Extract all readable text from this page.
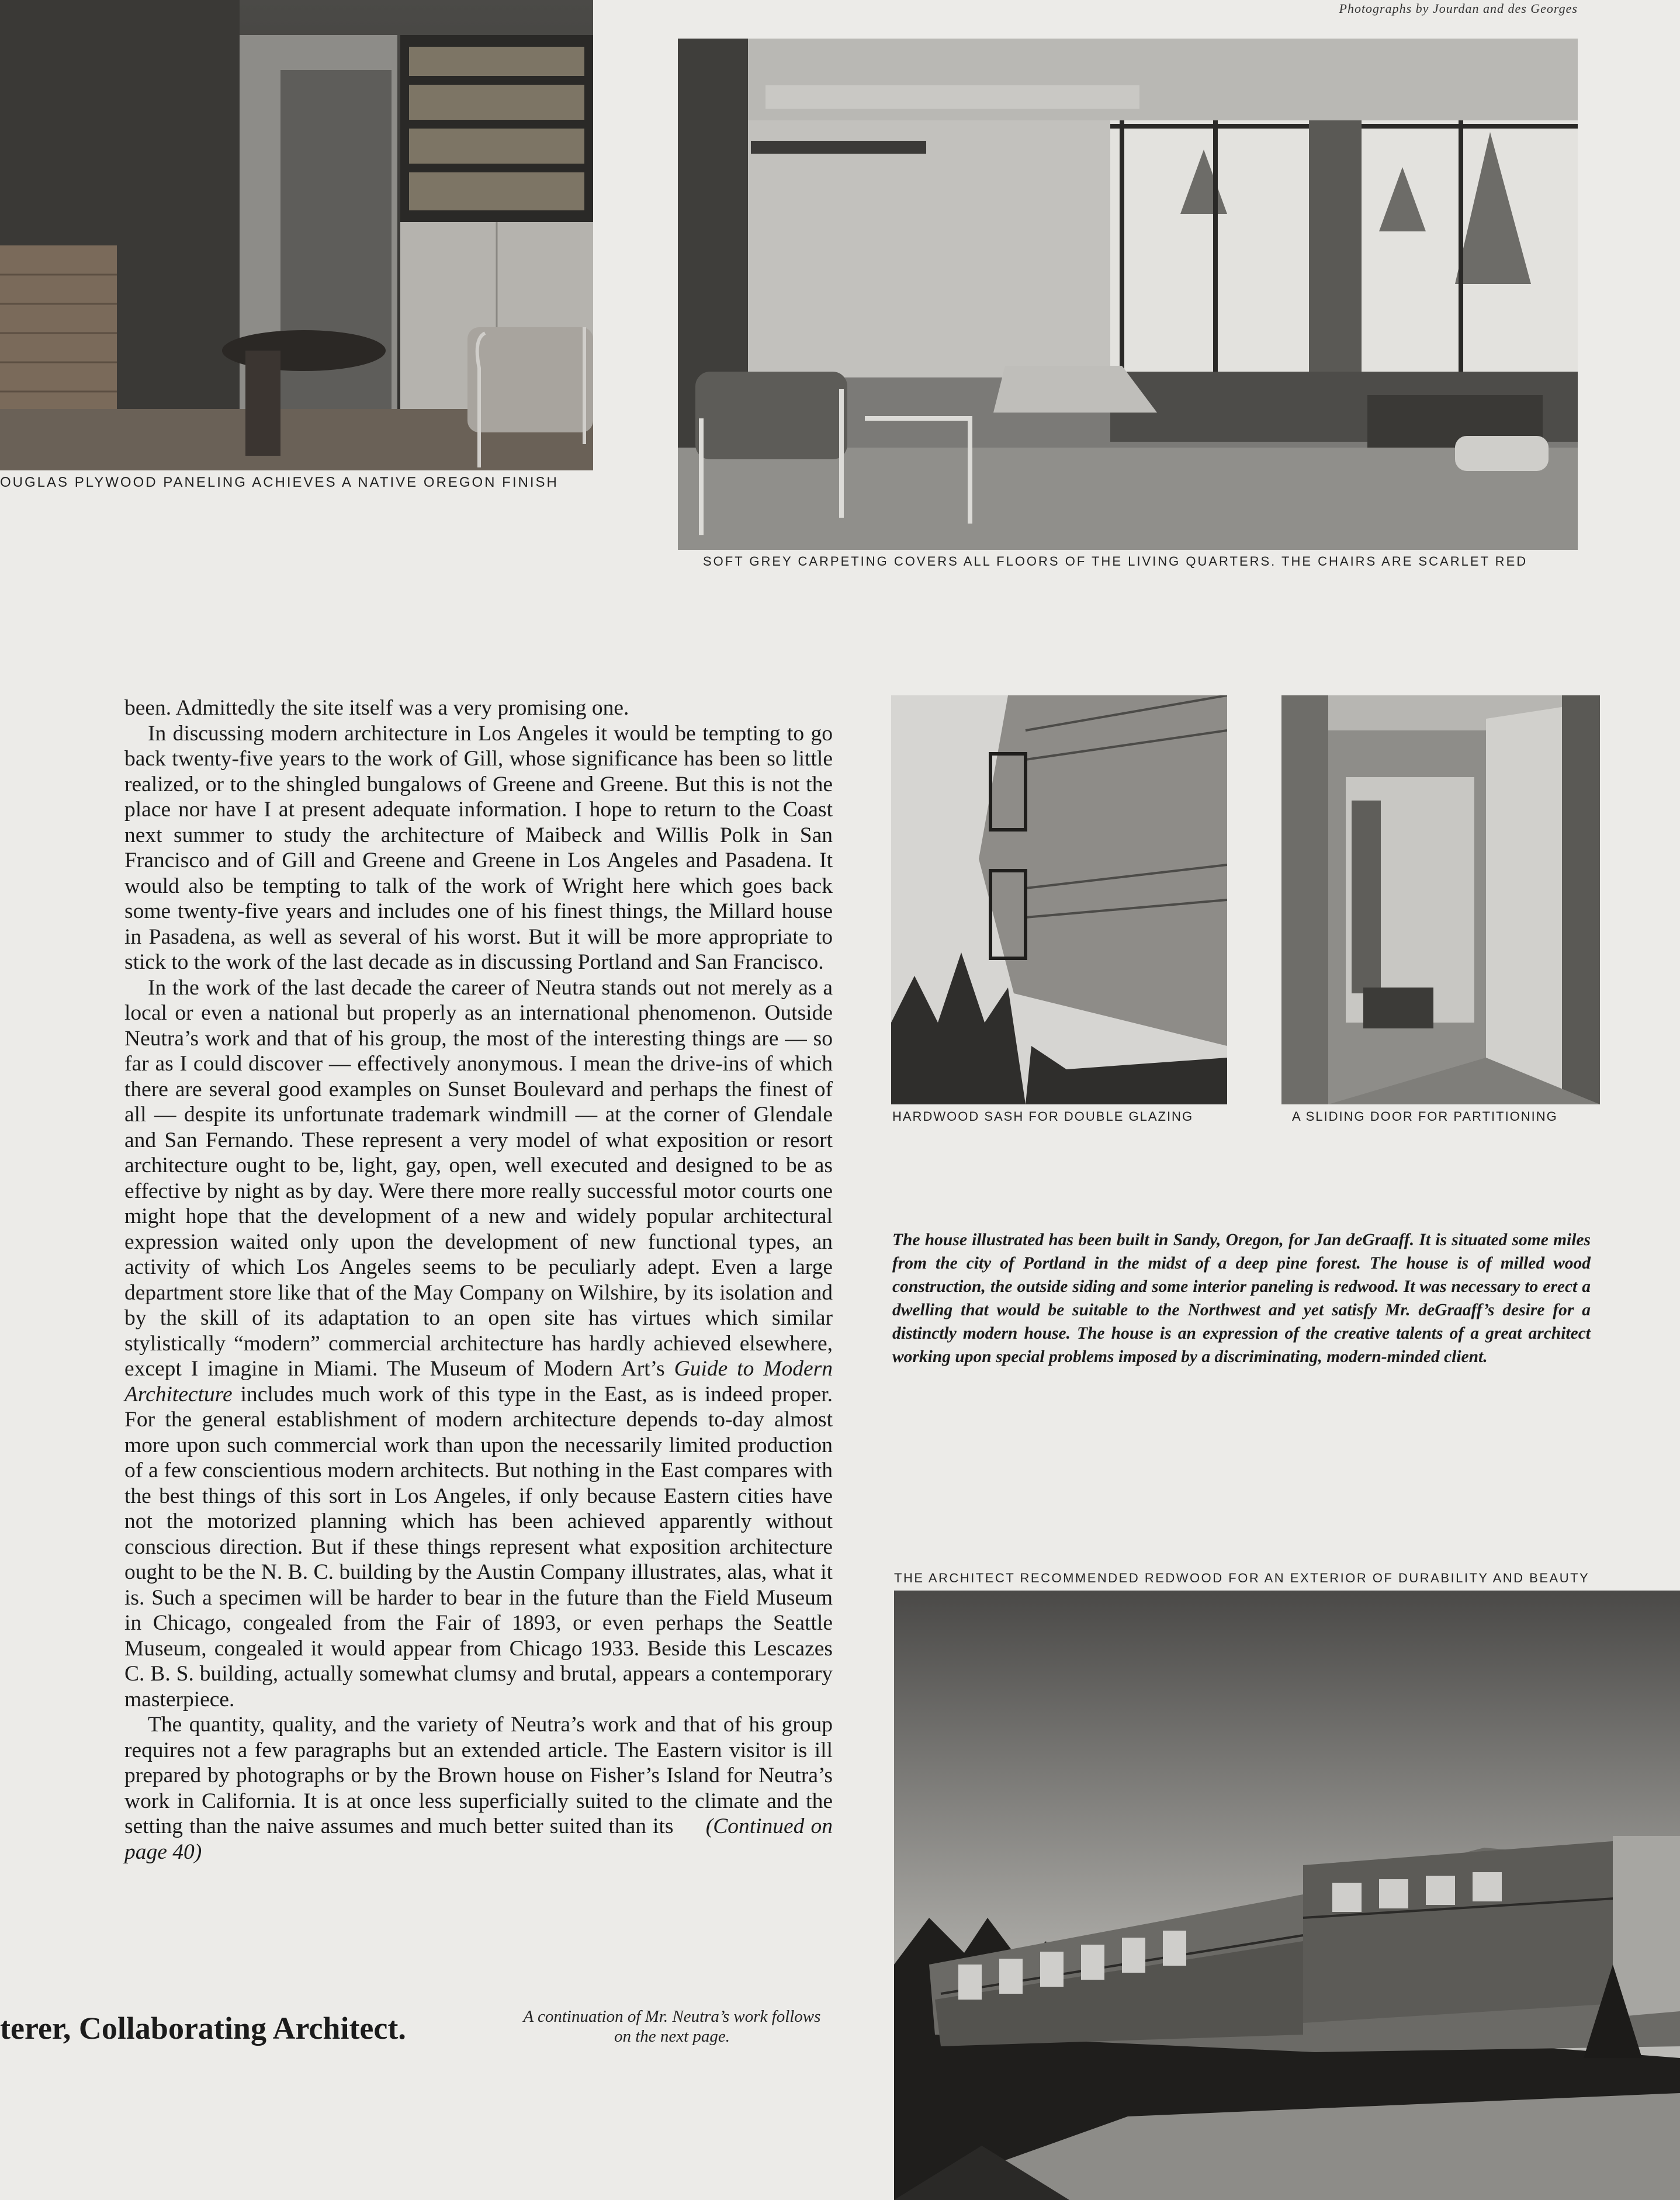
Photographs by Jourdan and des Georges
OUGLAS PLYWOOD PANELING ACHIEVES A NATIVE OREGON FINISH
SOFT GREY CARPETING COVERS ALL FLOORS OF THE LIVING QUARTERS. THE CHAIRS ARE SCARLET RED
HARDWOOD SASH FOR DOUBLE GLAZING	A SLIDING DOOR FOR PARTITIONING

been. Admittedly the site itself was a very promising one.

In discussing modern architecture in Los Angeles it would be tempting to go back twenty-five years to the work of Gill, whose significance has been so little realized, or to the shingled bungalows of Greene and Greene. But this is not the place nor have I at present adequate information. I hope to return to the Coast next summer to study the architecture of Maibeck and Willis Polk in San Francisco and of Gill and Greene and Greene in Los Angeles and Pasadena. It would also be tempting to talk of the work of Wright here which goes back some twenty-five years and includes one of his finest things, the Millard house in Pasadena, as well as several of his worst. But it will be more appropriate to stick to the work of the last decade as in discussing Portland and San Francisco.

In the work of the last decade the career of Neutra stands out not merely as a local or even a national but properly as an international phenomenon. Outside Neutra’s work and that of his group, the most of the interesting things are — so far as I could discover — effectively anonymous. I mean the drive-ins of which there are several good examples on Sunset Boulevard and perhaps the finest of all — despite its unfortunate trademark windmill — at the corner of Glendale and San Fernando. These represent a very model of what exposition or resort architecture ought to be, light, gay, open, well executed and designed to be as effective by night as by day. Were there more really successful motor courts one might hope that the development of a new and widely popular architectural expression waited only upon the development of new functional types, an activity of which Los Angeles seems to be peculiarly adept. Even a large department store like that of the May Company on Wilshire, by its isolation and by the skill of its adaptation to an open site has virtues which similar stylistically “modern” commercial architecture has hardly achieved elsewhere, except I imagine in Miami. The Museum of Modern Art’s Guide to Modern Architecture includes much work of this type in the East, as is indeed proper. For the general establishment of modern architecture depends to-day almost more upon such commercial work than upon the necessarily limited production of a few conscientious modern architects. But nothing in the East compares with the best things of this sort in Los Angeles, if only because Eastern cities have not the motorized planning which has been achieved apparently without conscious direction. But if these things represent what exposition architecture ought to be the N. B. C. building by the Austin Company illustrates, alas, what it is. Such a specimen will be harder to bear in the future than the Field Museum in Chicago, congealed from the Fair of 1893, or even perhaps the Seattle Museum, congealed it would appear from Chicago 1933. Beside this Lescazes C. B. S. building, actually somewhat clumsy and brutal, appears a contemporary masterpiece.

The quantity, quality, and the variety of Neutra’s work and that of his group requires not a few paragraphs but an extended article. The Eastern visitor is ill prepared by photographs or by the Brown house on Fisher’s Island for Neutra’s work in California. It is at once less superficially suited to the climate and the setting than the naive assumes and much better suited than its (Continued on page 40)

The house illustrated has been built in Sandy, Oregon, for Jan deGraaff. It is situated some miles from the city of Portland in the midst of a deep pine forest. The house is of milled wood construction, the outside siding and some interior paneling is redwood. It was necessary to erect a dwelling that would be suitable to the Northwest and yet satisfy Mr. deGraaff’s desire for a distinctly modern house. The house is an expression of the creative talents of a great architect working upon special problems imposed by a discriminating, modern-minded client.
THE ARCHITECT RECOMMENDED REDWOOD FOR AN EXTERIOR OF DURABILITY AND BEAUTY
terer, Collaborating Architect.	A continuation of Mr. Neutra’s work follows on the next page.
